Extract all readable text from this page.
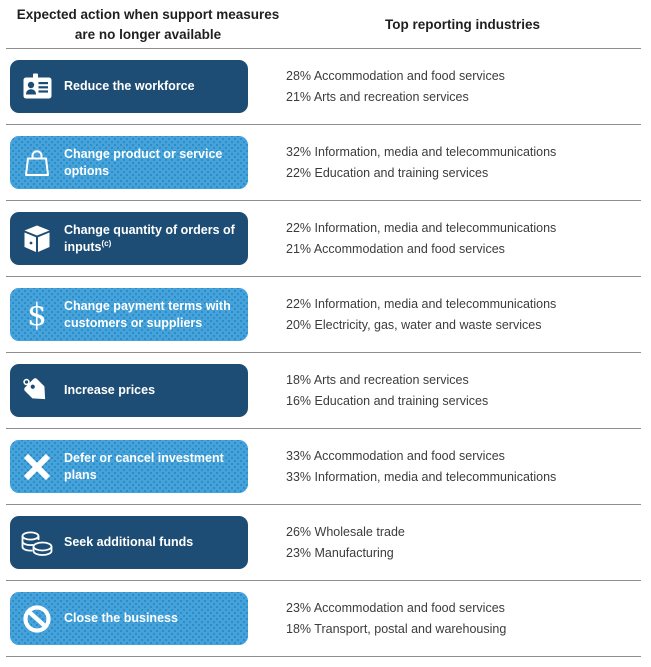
Expected action when support measures are no longer available
Top reporting industries
Reduce the workforce
28% Accommodation and food services
21% Arts and recreation services
Change product or service options
32% Information, media and telecommunications
22% Education and training services
Change quantity of orders of inputs$^{(c)}$
22% Information, media and telecommunications
21% Accommodation and food services
$ Change payment terms with customers or suppliers
22% Information, media and telecommunications
20% Electricity, gas, water and waste services
Increase prices
18% Arts and recreation services
16% Education and training services
Defer or cancel investment plans
33% Accommodation and food services
33% Information, media and telecommunications
Seek additional funds
26% Wholesale trade
23% Manufacturing
Close the business
23% Accommodation and food services
18% Transport, postal and warehousing
